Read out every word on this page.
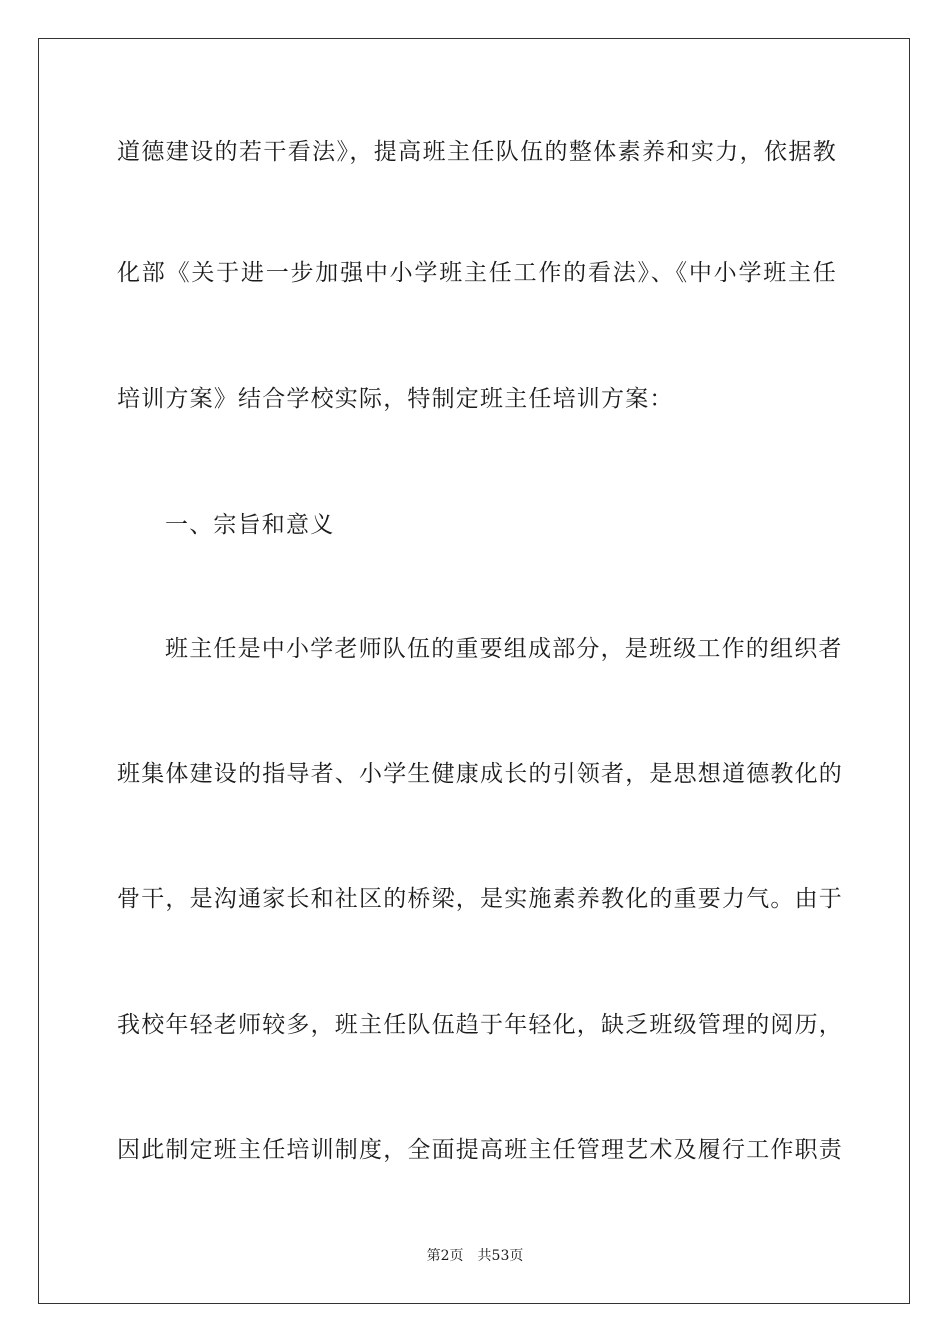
道德建设的若干看法》，提高班主任队伍的整体素养和实力，依据教
化部《关于进一步加强中小学班主任工作的看法》、《中小学班主任
培训方案》结合学校实际，特制定班主任培训方案：
一、宗旨和意义
班主任是中小学老师队伍的重要组成部分，是班级工作的组织者
班集体建设的指导者、小学生健康成长的引领者，是思想道德教化的
骨干，是沟通家长和社区的桥梁，是实施素养教化的重要力气。由于
我校年轻老师较多，班主任队伍趋于年轻化，缺乏班级管理的阅历，
因此制定班主任培训制度，全面提高班主任管理艺术及履行工作职责
第2页 共53页
